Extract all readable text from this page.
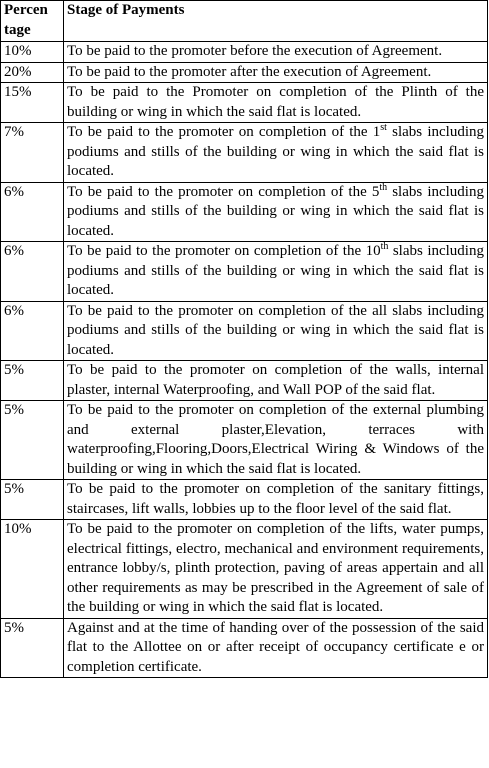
Percen tage	Stage of Payments
10%	To be paid to the promoter before the execution of Agreement.
20%	To be paid to the promoter after the execution of Agreement.
15%	To be paid to the Promoter on completion of the Plinth of the building or wing in which the said flat is located.
7%	To be paid to the promoter on completion of the 1st slabs including podiums and stills of the building or wing in which the said flat is located.
6%	To be paid to the promoter on completion of the 5th slabs including podiums and stills of the building or wing in which the said flat is located.
6%	To be paid to the promoter on completion of the 10th slabs including podiums and stills of the building or wing in which the said flat is located.
6%	To be paid to the promoter on completion of the all slabs including podiums and stills of the building or wing in which the said flat is located.
5%	To be paid to the promoter on completion of the walls, internal plaster, internal Waterproofing, and Wall POP of the said flat.
5%	To be paid to the promoter on completion of the external plumbing and external plaster,Elevation, terraces with waterproofing,Flooring,Doors,Electrical Wiring & Windows of the building or wing in which the said flat is located.
5%	To be paid to the promoter on completion of the sanitary fittings, staircases, lift walls, lobbies up to the floor level of the said flat.
10%	To be paid to the promoter on completion of the lifts, water pumps, electrical fittings, electro, mechanical and environment requirements, entrance lobby/s, plinth protection, paving of areas appertain and all other requirements as may be prescribed in the Agreement of sale of the building or wing in which the said flat is located.
5%	Against and at the time of handing over of the possession of the said flat to the Allottee on or after receipt of occupancy certificate e or completion certificate.
